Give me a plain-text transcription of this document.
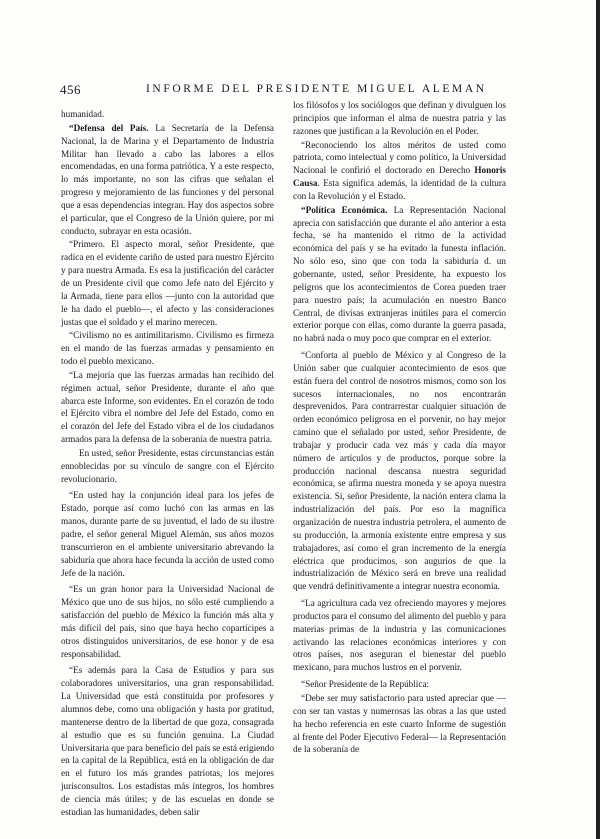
456	INFORME DEL PRESIDENTE MIGUEL ALEMAN

humanidad.

“Defensa del País. La Secretaría de la Defensa Nacional, la de Marina y el Departamento de Industria Militar han llevado a cabo las labores a ellos encomendadas, en una forma patriótica. Y a este respecto, lo más importante, no son las cifras que señalan el progreso y mejoramiento de las funciones y del personal que a esas dependencias integran. Hay dos aspectos sobre el particular, que el Congreso de la Unión quiere, por mi conducto, subrayar en esta ocasión.

“Primero. El aspecto moral, señor Presidente, que radica en el evidente cariño de usted para nuestro Ejército y para nuestra Armada. Es esa la justificación del carácter de un Presidente civil que como Jefe nato del Ejército y la Armada, tiene para ellos —junto con la autoridad que le ha dado el pueblo—, el afecto y las consideraciones justas que el soldado y el marino merecen.

“Civilismo no es antimilitarismo. Civilismo es firmeza en el mando de las fuerzas armadas y pensamiento en todo el pueblo mexicano.

“La mejoría que las fuerzas armadas han recibido del régimen actual, señor Presidente, durante el año que abarca este Informe, son evidentes. En el corazón de todo el Ejército vibra el nombre del Jefe del Estado, como en el corazón del Jefe del Estado vibra el de los ciudadanos armados para la defensa de la soberanía de nuestra patria.

En usted, señor Presidente, estas circunstancias están ennoblecidas por su vínculo de sangre con el Ejército revolucionario.

“En usted hay la conjunción ideal para los jefes de Estado, porque así como luchó con las armas en las manos, durante parte de su juventud, el lado de su ilustre padre, el señor general Miguel Alemán, sus años mozos transcurrieron en el ambiente universitario abrevando la sabiduría que ahora hace fecunda la acción de usted como Jefe de la nación.

“Es un gran honor para la Universidad Nacional de México que uno de sus hijos, no sólo esté cumpliendo a satisfacción del pueblo de México la función más alta y más difícil del país, sino que haya hecho copartícipes a otros distinguidos universitarios, de ese honor y de esa responsabilidad.

“Es además para la Casa de Estudios y para sus colaboradores universitarios, una gran responsabilidad. La Universidad que está constituida por profesores y alumnos debe, como una obligación y hasta por gratitud, mantenerse dentro de la libertad de que goza, consagrada al estudio que es su función genuina. La Ciudad Universitaria que para beneficio del país se está erigiendo en la capital de la República, está en la obligación de dar en el futuro los más grandes patriotas, los mejores jurisconsultos. Los estadistas más íntegros, los hombres de ciencia más útiles; y de las escuelas en donde se estudian las humanidades, deben salir

los filósofos y los sociólogos que definan y divulguen los principios que informan el alma de nuestra patria y las razones que justifican a la Revolución en el Poder.

“Reconociendo los altos méritos de usted como patriota, como intelectual y como político, la Universidad Nacional le confirió el doctorado en Derecho Honoris Causa. Esta significa además, la identidad de la cultura con la Revolución y el Estado.

“Política Económica. La Representación Nacional aprecia con satisfacción que durante el año anterior a esta fecha, se ha mantenido el ritmo de la actividad económica del país y se ha evitado la funesta inflación. No sólo eso, sino que con toda la sabiduría d. un gobernante, usted, señor Presidente, ha expuesto los peligros que los acontecimientos de Corea pueden traer para nuestro país; la acumulación en nuestro Banco Central, de divisas extranjeras inútiles para el comercio exterior porque con ellas, como durante la guerra pasada, no habrá nada o muy poco que comprar en el exterior.

“Conforta al pueblo de México y al Congreso de la Unión saber que cualquier acontecimiento de esos que están fuera del control de nosotros mismos, como son los sucesos internacionales, no nos encontrarán desprevenidos. Para contrarrestar cualquier situación de orden económico peligrosa en el porvenir, no hay mejor camino que el señalado por usted, señor Presidente, de trabajar y producir cada vez más y cada día mayor número de artículos y de productos, porque sobre la producción nacional descansa nuestra seguridad económica, se afirma nuestra moneda y se apoya nuestra existencia. Si, señor Presidente, la nación entera clama la industrialización del país. Por eso la magnífica organización de nuestra industria petrolera, el aumento de su producción, la armonía existente entre empresa y sus trabajadores, así como el gran incremento de la energía eléctrica que producimos, son augurios de que la industrialización de México será en breve una realidad que vendrá definitivamente a integrar nuestra economía.

“La agricultura cada vez ofreciendo mayores y mejores productos para el consumo del alimento del pueblo y para materias primas de la industria y las comunicaciones activando las relaciones económicas interiores y con otros países, nos aseguran el bienestar del pueblo mexicano, para muchos lustros en el porvenir.

“Señor Presidente de la República:

“Debe ser muy satisfactorio para usted apreciar que —con ser tan vastas y numerosas las obras a las que usted ha hecho referencia en este cuarto Informe de sugestión al frente del Poder Ejecutivo Federal— la Representación de la soberanía de
